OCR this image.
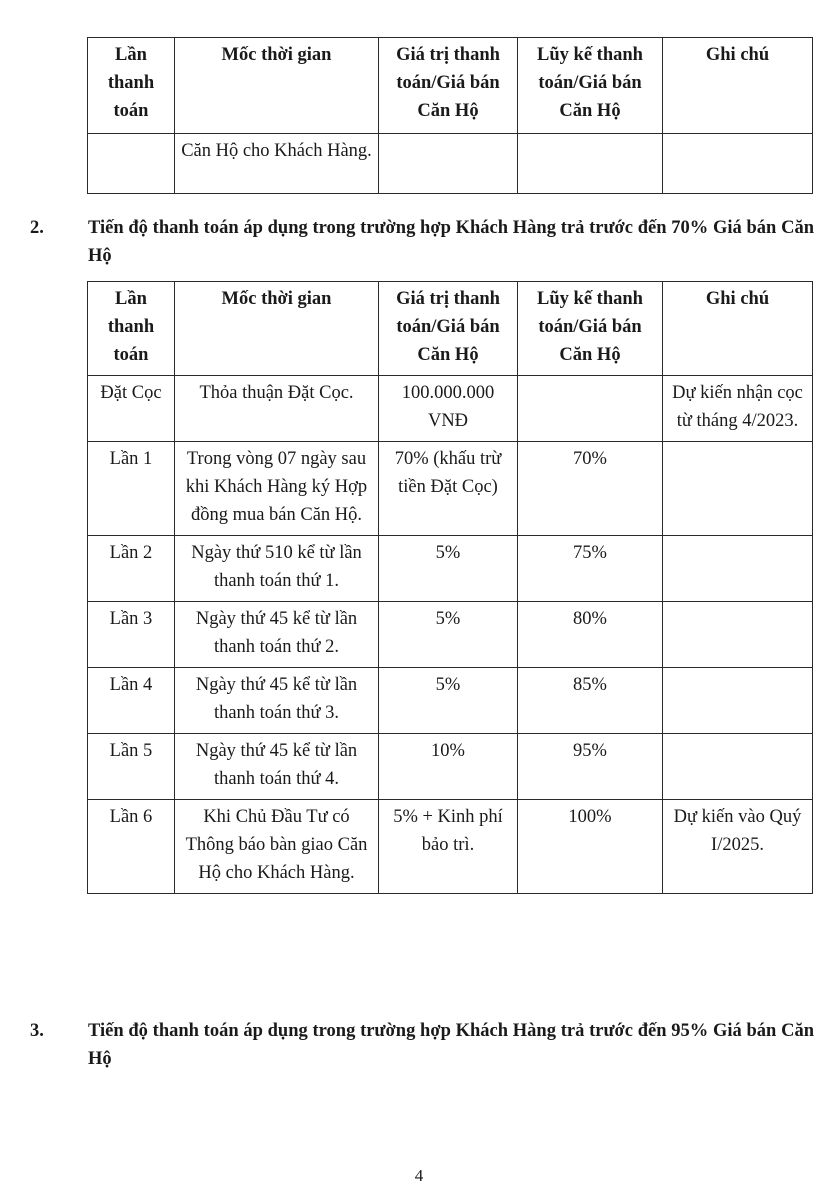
Lần thanh toán	Mốc thời gian	Giá trị thanh toán/Giá bán Căn Hộ	Lũy kế thanh toán/Giá bán Căn Hộ	Ghi chú
	Căn Hộ cho Khách Hàng.			
2. Tiến độ thanh toán áp dụng trong trường hợp Khách Hàng trả trước đến 70% Giá bán Căn Hộ
Lần thanh toán	Mốc thời gian	Giá trị thanh toán/Giá bán Căn Hộ	Lũy kế thanh toán/Giá bán Căn Hộ	Ghi chú
Đặt Cọc	Thỏa thuận Đặt Cọc.	100.000.000 VNĐ		Dự kiến nhận cọc từ tháng 4/2023.
Lần 1	Trong vòng 07 ngày sau khi Khách Hàng ký Hợp đồng mua bán Căn Hộ.	70% (khấu trừ tiền Đặt Cọc)	70%	
Lần 2	Ngày thứ 510 kể từ lần thanh toán thứ 1.	5%	75%	
Lần 3	Ngày thứ 45 kể từ lần thanh toán thứ 2.	5%	80%	
Lần 4	Ngày thứ 45 kể từ lần thanh toán thứ 3.	5%	85%	
Lần 5	Ngày thứ 45 kể từ lần thanh toán thứ 4.	10%	95%	
Lần 6	Khi Chủ Đầu Tư có Thông báo bàn giao Căn Hộ cho Khách Hàng.	5% + Kinh phí bảo trì.	100%	Dự kiến vào Quý I/2025.
3. Tiến độ thanh toán áp dụng trong trường hợp Khách Hàng trả trước đến 95% Giá bán Căn Hộ
4
